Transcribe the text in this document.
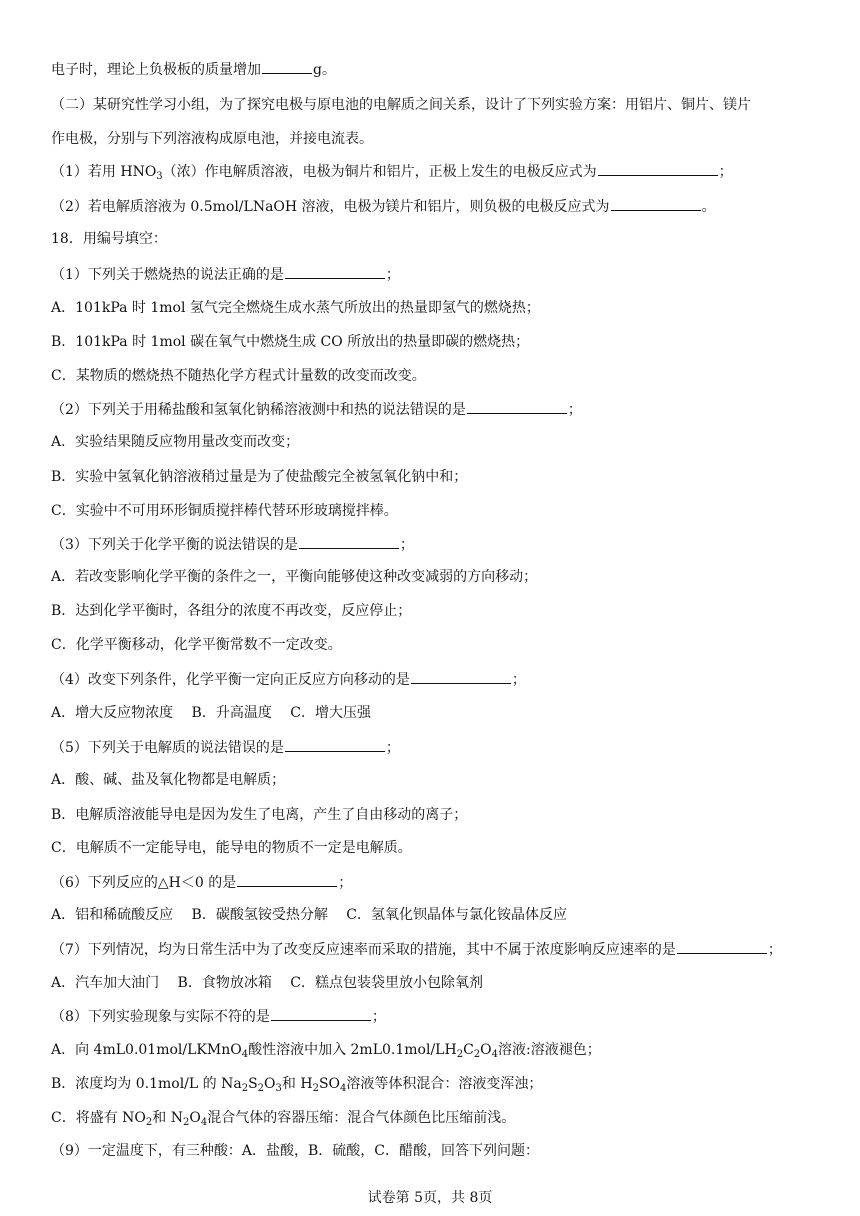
电子时，理论上负极板的质量增加	g。
（二）某研究性学习小组，为了探究电极与原电池的电解质之间关系，设计了下列实验方案：用铝片、铜片、镁片
作电极，分别与下列溶液构成原电池，并接电流表。
（1）若用 $HNO_3$（浓）作电解质溶液，电极为铜片和铝片，正极上发生的电极反应式为	；
（2）若电解质溶液为 0.5mol/LNaOH 溶液，电极为镁片和铝片，则负极的电极反应式为	。
18．用编号填空：
（1）下列关于燃烧热的说法正确的是	；
A．101kPa 时 1mol 氢气完全燃烧生成水蒸气所放出的热量即氢气的燃烧热；
B．101kPa 时 1mol 碳在氧气中燃烧生成 CO 所放出的热量即碳的燃烧热；
C．某物质的燃烧热不随热化学方程式计量数的改变而改变。
（2）下列关于用稀盐酸和氢氧化钠稀溶液测中和热的说法错误的是	；
A．实验结果随反应物用量改变而改变；
B．实验中氢氧化钠溶液稍过量是为了使盐酸完全被氢氧化钠中和；
C．实验中不可用环形铜质搅拌棒代替环形玻璃搅拌棒。
（3）下列关于化学平衡的说法错误的是	；
A．若改变影响化学平衡的条件之一，平衡向能够使这种改变减弱的方向移动；
B．达到化学平衡时，各组分的浓度不再改变，反应停止；
C．化学平衡移动，化学平衡常数不一定改变。
（4）改变下列条件，化学平衡一定向正反应方向移动的是	；
A．增大反应物浓度　 B．升高温度　 C．增大压强
（5）下列关于电解质的说法错误的是	；
A．酸、碱、盐及氧化物都是电解质；
B．电解质溶液能导电是因为发生了电离，产生了自由移动的离子；
C．电解质不一定能导电，能导电的物质不一定是电解质。
（6）下列反应的△H＜0 的是	；
A．铝和稀硫酸反应　 B．碳酸氢铵受热分解　 C．氢氧化钡晶体与氯化铵晶体反应
（7）下列情况，均为日常生活中为了改变反应速率而采取的措施，其中不属于浓度影响反应速率的是	；
A．汽车加大油门　 B．食物放冰箱　 C．糕点包装袋里放小包除氧剂
（8）下列实验现象与实际不符的是	；
A．向 4mL0.01mol/LKMnO$_4$酸性溶液中加入 $2mL0.1mol/LH_2C_2O_4$溶液:溶液褪色；
B．浓度均为 0.1mol/L 的 $Na_2S_2O_3$和 $H_2SO_4$溶液等体积混合：溶液变浑浊；
C．将盛有 $NO_2$和 $N_2O_4$混合气体的容器压缩：混合气体颜色比压缩前浅。
（9）一定温度下，有三种酸：A．盐酸，B．硫酸，C．醋酸，回答下列问题：
试卷第 5页，共 8页
